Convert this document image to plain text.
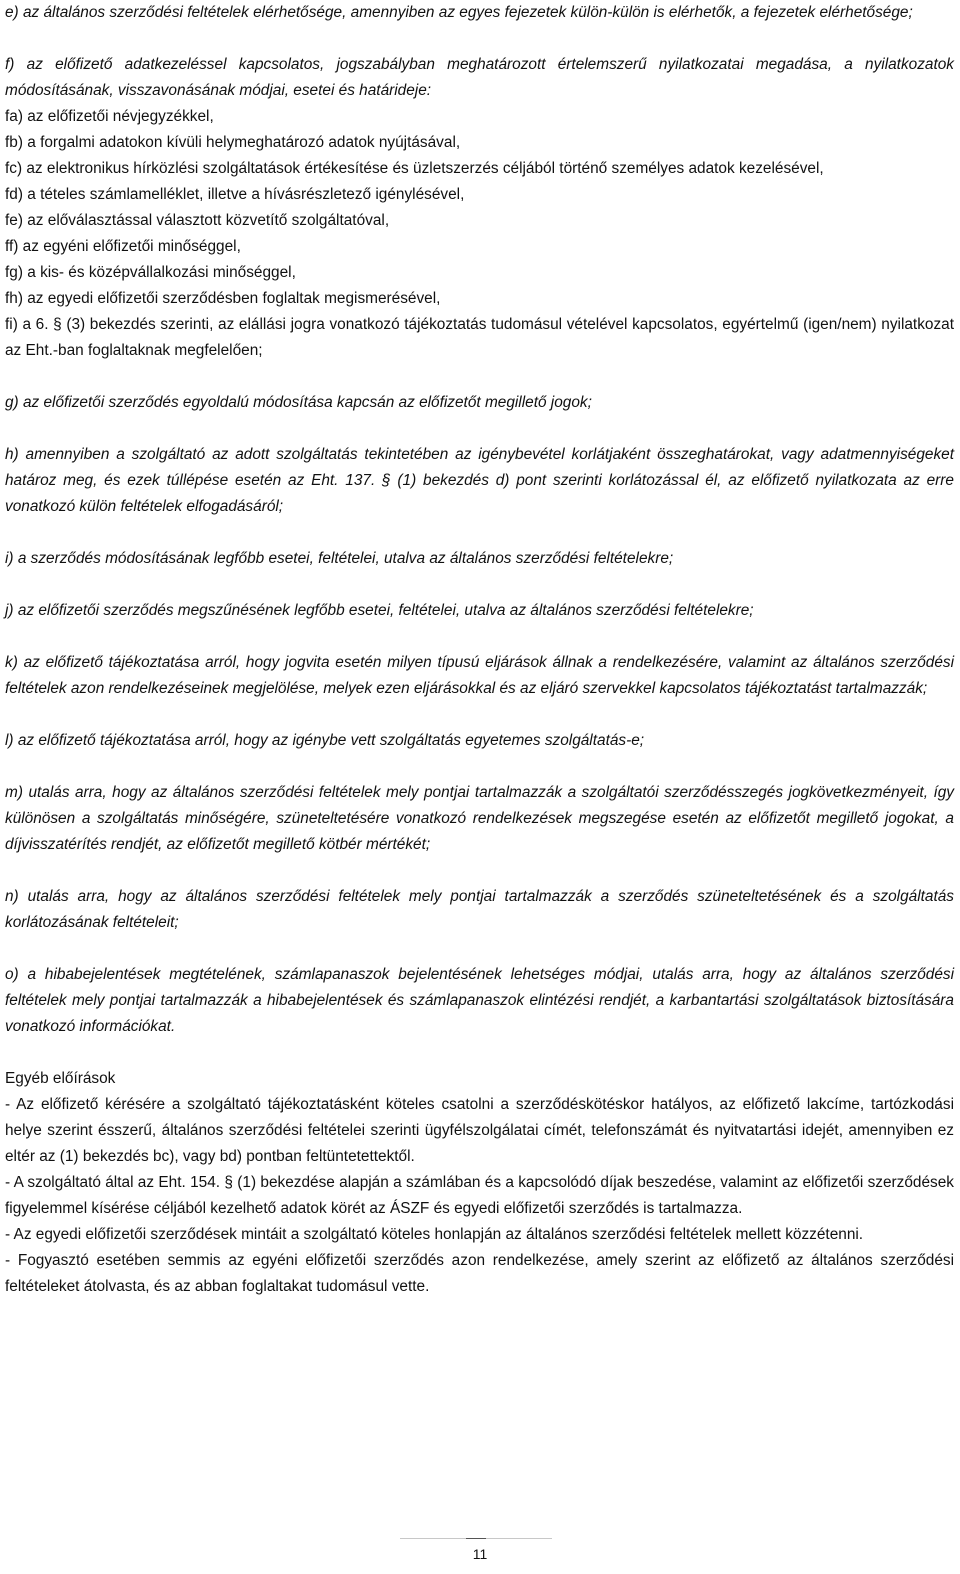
e) az általános szerződési feltételek elérhetősége, amennyiben az egyes fejezetek külön-külön is elérhetők, a fejezetek elérhetősége;

f) az előfizető adatkezeléssel kapcsolatos, jogszabályban meghatározott értelemszerű nyilatkozatai megadása, a nyilatkozatok módosításának, visszavonásának módjai, esetei és határideje:

fa) az előfizetői névjegyzékkel,

fb) a forgalmi adatokon kívüli helymeghatározó adatok nyújtásával,

fc) az elektronikus hírközlési szolgáltatások értékesítése és üzletszerzés céljából történő személyes adatok kezelésével,

fd) a tételes számlamelléklet, illetve a hívásrészletező igénylésével,

fe) az előválasztással választott közvetítő szolgáltatóval,

ff) az egyéni előfizetői minőséggel,

fg) a kis- és középvállalkozási minőséggel,

fh) az egyedi előfizetői szerződésben foglaltak megismerésével,

fi) a 6. § (3) bekezdés szerinti, az elállási jogra vonatkozó tájékoztatás tudomásul vételével kapcsolatos, egyértelmű (igen/nem) nyilatkozat az Eht.-ban foglaltaknak megfelelően;

g) az előfizetői szerződés egyoldalú módosítása kapcsán az előfizetőt megillető jogok;

h) amennyiben a szolgáltató az adott szolgáltatás tekintetében az igénybevétel korlátjaként összeghatárokat, vagy adatmennyiségeket határoz meg, és ezek túllépése esetén az Eht. 137. § (1) bekezdés d) pont szerinti korlátozással él, az előfizető nyilatkozata az erre vonatkozó külön feltételek elfogadásáról;

i) a szerződés módosításának legfőbb esetei, feltételei, utalva az általános szerződési feltételekre;

j) az előfizetői szerződés megszűnésének legfőbb esetei, feltételei, utalva az általános szerződési feltételekre;

k) az előfizető tájékoztatása arról, hogy jogvita esetén milyen típusú eljárások állnak a rendelkezésére, valamint az általános szerződési feltételek azon rendelkezéseinek megjelölése, melyek ezen eljárásokkal és az eljáró szervekkel kapcsolatos tájékoztatást tartalmazzák;

l) az előfizető tájékoztatása arról, hogy az igénybe vett szolgáltatás egyetemes szolgáltatás-e;

m) utalás arra, hogy az általános szerződési feltételek mely pontjai tartalmazzák a szolgáltatói szerződésszegés jogkövetkezményeit, így különösen a szolgáltatás minőségére, szüneteltetésére vonatkozó rendelkezések megszegése esetén az előfizetőt megillető jogokat, a díjvisszatérítés rendjét, az előfizetőt megillető kötbér mértékét;

n) utalás arra, hogy az általános szerződési feltételek mely pontjai tartalmazzák a szerződés szüneteltetésének és a szolgáltatás korlátozásának feltételeit;

o) a hibabejelentések megtételének, számlapanaszok bejelentésének lehetséges módjai, utalás arra, hogy az általános szerződési feltételek mely pontjai tartalmazzák a hibabejelentések és számlapanaszok elintézési rendjét, a karbantartási szolgáltatások biztosítására vonatkozó információkat.

Egyéb előírások

- Az előfizető kérésére a szolgáltató tájékoztatásként köteles csatolni a szerződéskötéskor hatályos, az előfizető lakcíme, tartózkodási helye szerint ésszerű, általános szerződési feltételei szerinti ügyfélszolgálatai címét, telefonszámát és nyitvatartási idejét, amennyiben ez eltér az (1) bekezdés bc), vagy bd) pontban feltüntetettektől.

- A szolgáltató által az Eht. 154. § (1) bekezdése alapján a számlában és a kapcsolódó díjak beszedése, valamint az előfizetői szerződések figyelemmel kísérése céljából kezelhető adatok körét az ÁSZF és egyedi előfizetői szerződés is tartalmazza.

- Az egyedi előfizetői szerződések mintáit a szolgáltató köteles honlapján az általános szerződési feltételek mellett közzétenni.

- Fogyasztó esetében semmis az egyéni előfizetői szerződés azon rendelkezése, amely szerint az előfizető az általános szerződési feltételeket átolvasta, és az abban foglaltakat tudomásul vette.

11
